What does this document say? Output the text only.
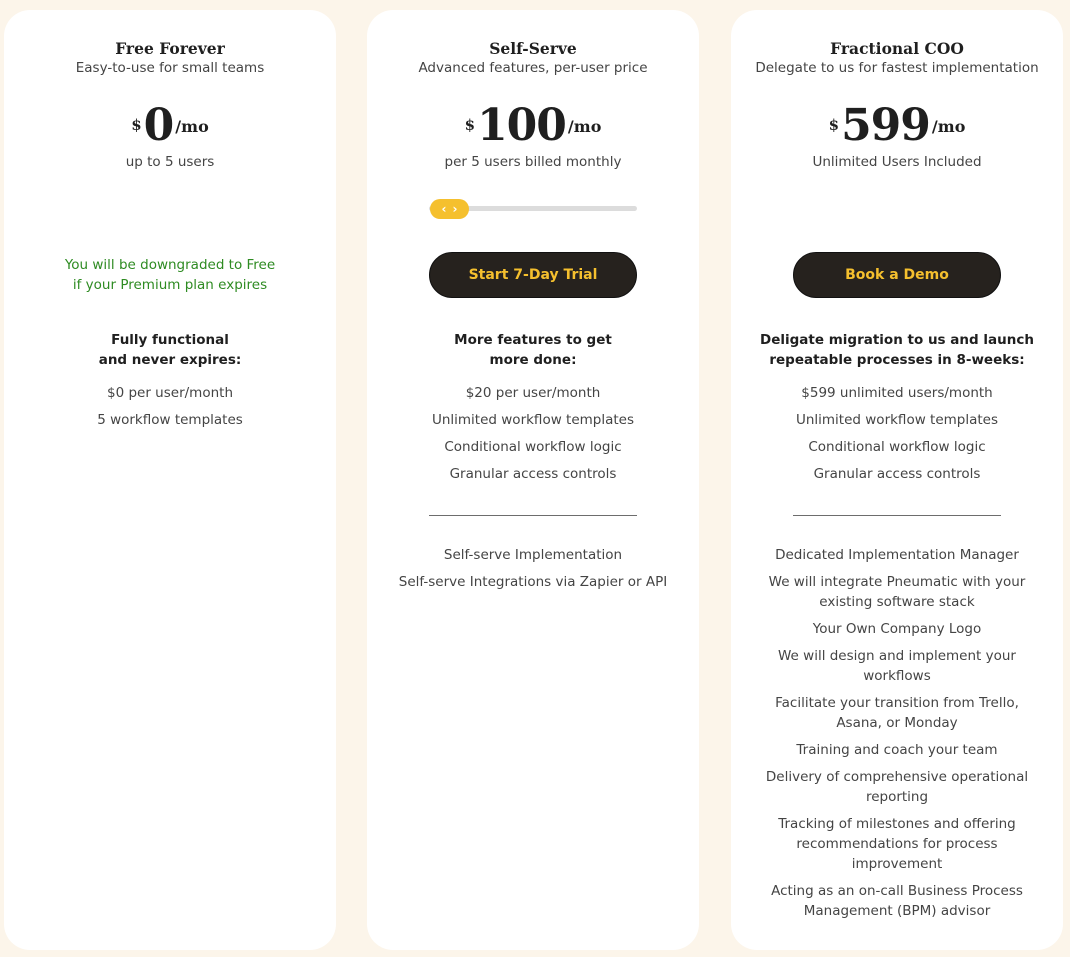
Free Forever
Easy-to-use for small teams
$ 0 /mo
up to 5 users
You will be downgraded to Free
if your Premium plan expires
Fully functional
and never expires:
$0 per user/month
5 workflow templates
Self-Serve
Advanced features, per-user price
$ 100 /mo
per 5 users billed monthly
‹ ›
Start 7-Day Trial
More features to get
more done:
$20 per user/month
Unlimited workflow templates
Conditional workflow logic
Granular access controls
Self-serve Implementation
Self-serve Integrations via Zapier or API
Fractional COO
Delegate to us for fastest implementation
$ 599 /mo
Unlimited Users Included
Book a Demo
Deligate migration to us and launch
repeatable processes in 8-weeks:
$599 unlimited users/month
Unlimited workflow templates
Conditional workflow logic
Granular access controls
Dedicated Implementation Manager
We will integrate Pneumatic with your
existing software stack
Your Own Company Logo
We will design and implement your
workflows
Facilitate your transition from Trello,
Asana, or Monday
Training and coach your team
Delivery of comprehensive operational
reporting
Tracking of milestones and offering
recommendations for process
improvement
Acting as an on-call Business Process
Management (BPM) advisor
